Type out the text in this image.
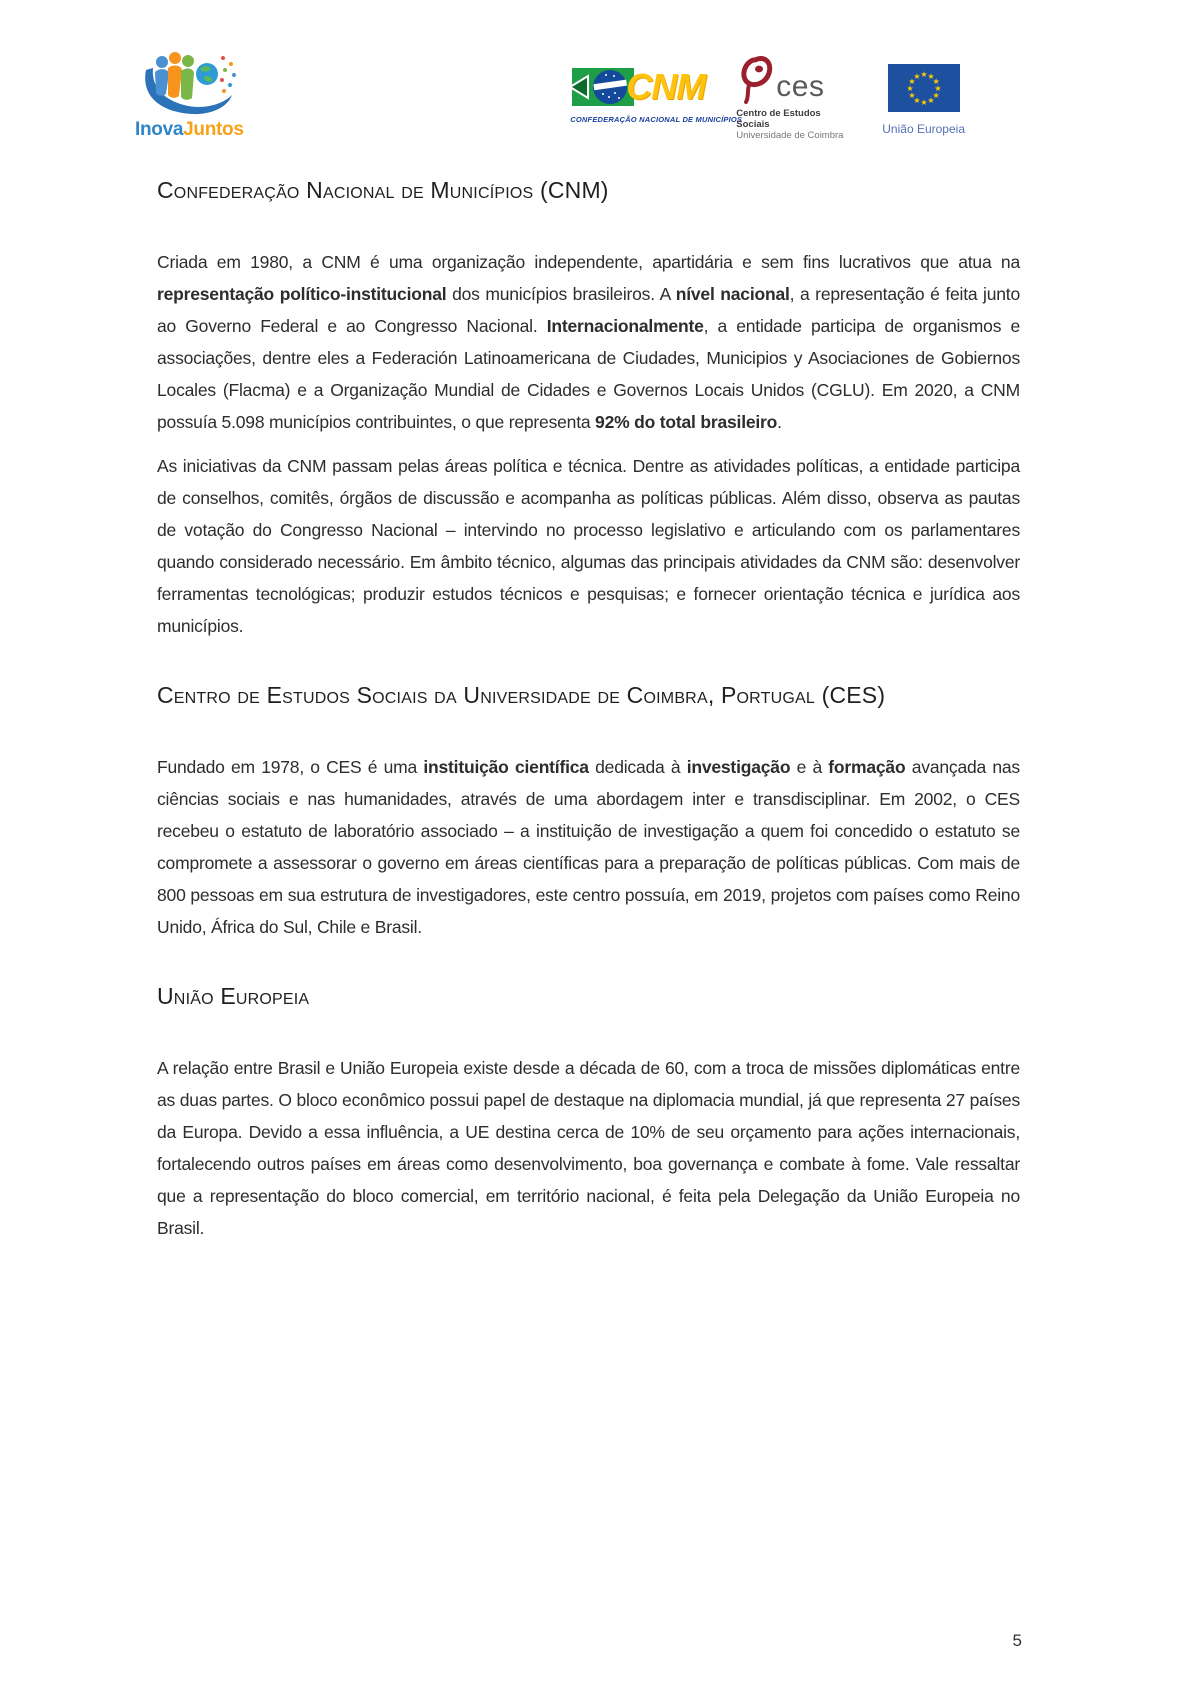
InovaJuntos
CNM
CONFEDERAÇÃO NACIONAL DE MUNICÍPIOS
ces
Centro de Estudos Sociais
Universidade de Coimbra
★ ★
★
★
★
★
★
★
★
★
★
★
União Europeia
Confederação Nacional de Municípios (CNM)

Criada em 1980, a CNM é uma organização independente, apartidária e sem fins lucrativos que atua na representação político-institucional dos municípios brasileiros. A nível nacional, a representação é feita junto ao Governo Federal e ao Congresso Nacional. Internacionalmente, a entidade participa de organismos e associações, dentre eles a Federación Latinoamericana de Ciudades, Municipios y Asociaciones de Gobiernos Locales (Flacma) e a Organização Mundial de Cidades e Governos Locais Unidos (CGLU). Em 2020, a CNM possuía 5.098 municípios contribuintes, o que representa 92% do total brasileiro.

As iniciativas da CNM passam pelas áreas política e técnica. Dentre as atividades políticas, a entidade participa de conselhos, comitês, órgãos de discussão e acompanha as políticas públicas. Além disso, observa as pautas de votação do Congresso Nacional – intervindo no processo legislativo e articulando com os parlamentares quando considerado necessário. Em âmbito técnico, algumas das principais atividades da CNM são: desenvolver ferramentas tecnológicas; produzir estudos técnicos e pesquisas; e fornecer orientação técnica e jurídica aos municípios.

Centro de Estudos Sociais da Universidade de Coimbra, Portugal (CES)

Fundado em 1978, o CES é uma instituição científica dedicada à investigação e à formação avançada nas ciências sociais e nas humanidades, através de uma abordagem inter e transdisciplinar. Em 2002, o CES recebeu o estatuto de laboratório associado – a instituição de investigação a quem foi concedido o estatuto se compromete a assessorar o governo em áreas científicas para a preparação de políticas públicas. Com mais de 800 pessoas em sua estrutura de investigadores, este centro possuía, em 2019, projetos com países como Reino Unido, África do Sul, Chile e Brasil.

União Europeia

A relação entre Brasil e União Europeia existe desde a década de 60, com a troca de missões diplomáticas entre as duas partes. O bloco econômico possui papel de destaque na diplomacia mundial, já que representa 27 países da Europa. Devido a essa influência, a UE destina cerca de 10% de seu orçamento para ações internacionais, fortalecendo outros países em áreas como desenvolvimento, boa governança e combate à fome. Vale ressaltar que a representação do bloco comercial, em território nacional, é feita pela Delegação da União Europeia no Brasil.

5
